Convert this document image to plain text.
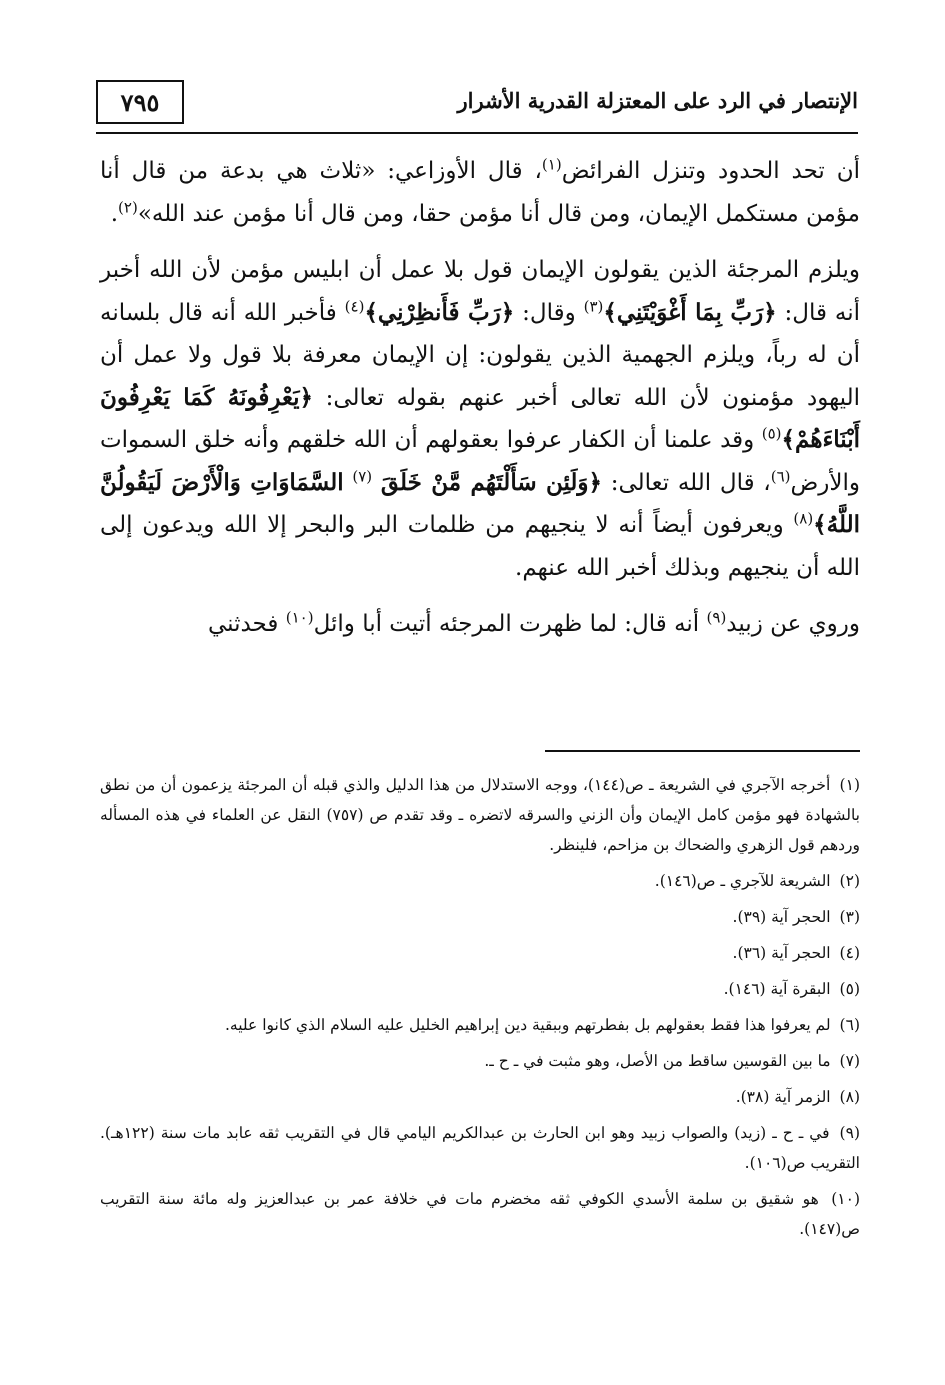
الإنتصار في الرد على المعتزلة القدرية الأشرار
٧٩٥

أن تحد الحدود وتنزل الفرائض$^{(١)}$، قال الأوزاعي: «ثلاث هي بدعة من قال أنا مؤمن مستكمل الإيمان، ومن قال أنا مؤمن حقا، ومن قال أنا مؤمن عند الله»$^{(٢)}$.

ويلزم المرجئة الذين يقولون الإيمان قول بلا عمل أن ابليس مؤمن لأن الله أخبر أنه قال: ﴿رَبِّ بِمَا أَغْوَيْتَنِي﴾$^{(٣)}$ وقال: ﴿رَبِّ فَأَنظِرْنِي﴾$^{(٤)}$ فأخبر الله أنه قال بلسانه أن له رباً، ويلزم الجهمية الذين يقولون: إن الإيمان معرفة بلا قول ولا عمل أن اليهود مؤمنون لأن الله تعالى أخبر عنهم بقوله تعالى: ﴿يَعْرِفُونَهُ كَمَا يَعْرِفُونَ أَبْنَاءَهُمْ﴾$^{(٥)}$ وقد علمنا أن الكفار عرفوا بعقولهم أن الله خلقهم وأنه خلق السموات والأرض$^{(٦)}$، قال الله تعالى: ﴿وَلَئِن سَأَلْتَهُم مَّنْ خَلَقَ $^{(٧)}$ السَّمَاوَاتِ وَالْأَرْضَ لَيَقُولُنَّ اللَّهُ﴾$^{(٨)}$ ويعرفون أيضاً أنه لا ينجيهم من ظلمات البر والبحر إلا الله ويدعون إلى الله أن ينجيهم وبذلك أخبر الله عنهم.

وروي عن زبيد$^{(٩)}$ أنه قال: لما ظهرت المرجئه أتيت أبا وائل$^{(١٠)}$ فحدثني

(١) أخرجه الآجري في الشريعة ـ ص(١٤٤)، ووجه الاستدلال من هذا الدليل والذي قبله أن المرجئة يزعمون أن من نطق بالشهادة فهو مؤمن كامل الإيمان وأن الزني والسرقه لاتضره ـ وقد تقدم ص (٧٥٧) النقل عن العلماء في هذه المسأله وردهم قول الزهري والضحاك بن مزاحم، فلينظر.

(٢) الشريعة للآجري ـ ص(١٤٦).

(٣) الحجر آية (٣٩).

(٤) الحجر آية (٣٦).

(٥) البقرة آية (١٤٦).

(٦) لم يعرفوا هذا فقط بعقولهم بل بفطرتهم وببقية دين إبراهيم الخليل عليه السلام الذي كانوا عليه.

(٧) ما بين القوسين ساقط من الأصل، وهو مثبت في ـ ح ـ.

(٨) الزمر آية (٣٨).

(٩) في ـ ح ـ (زيد) والصواب زبيد وهو ابن الحارث بن عبدالكريم اليامي قال في التقريب ثقه عابد مات سنة (١٢٢هـ). التقريب ص(١٠٦).

(١٠) هو شقيق بن سلمة الأسدي الكوفي ثقه مخضرم مات في خلافة عمر بن عبدالعزيز وله مائة سنة التقريب ص(١٤٧).
